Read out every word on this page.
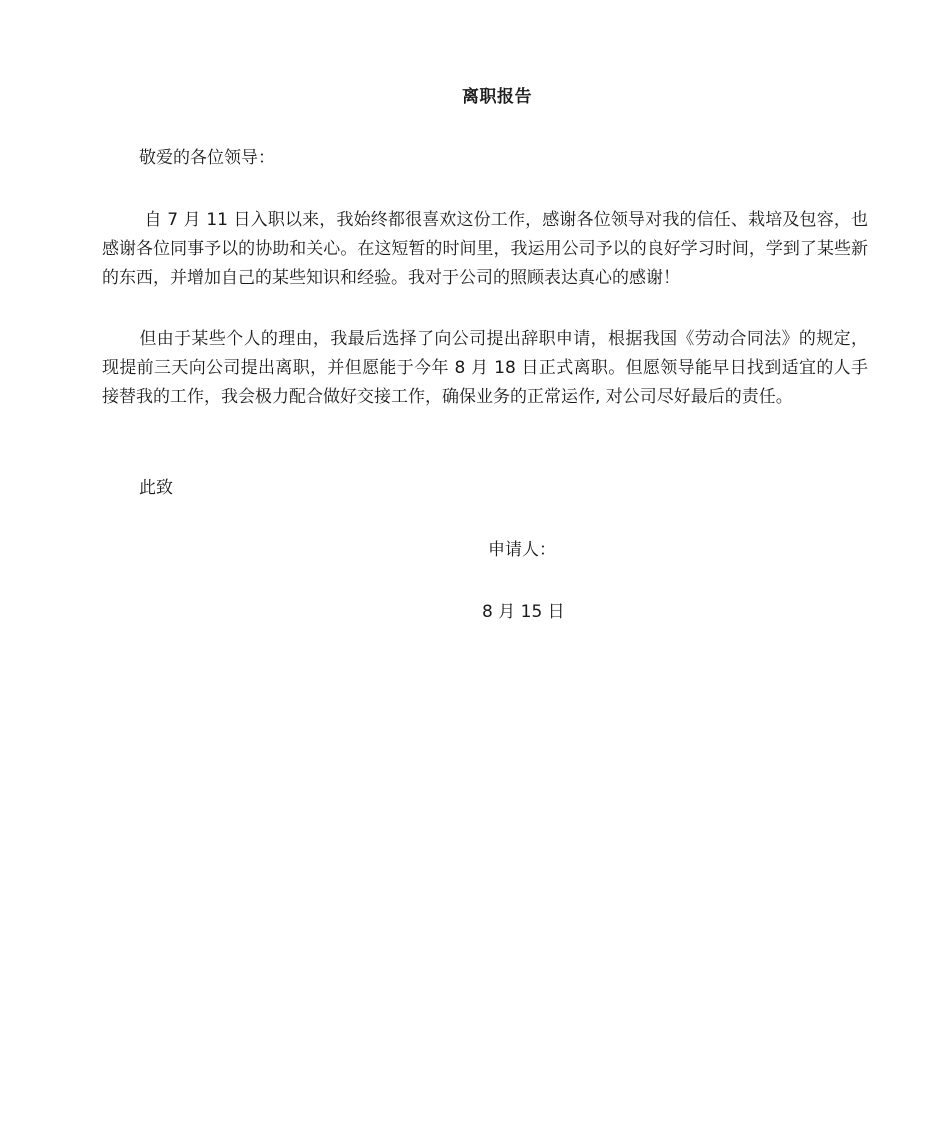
离职报告
敬爱的各位领导：
自 7 月 11 日入职以来，我始终都很喜欢这份工作，感谢各位领导对我的信任、栽培及包容，也感谢各位同事予以的协助和关心。在这短暂的时间里，我运用公司予以的良好学习时间，学到了某些新的东西，并增加自己的某些知识和经验。我对于公司的照顾表达真心的感谢！
但由于某些个人的理由，我最后选择了向公司提出辞职申请，根据我国《劳动合同法》的规定，现提前三天向公司提出离职，并但愿能于今年 8 月 18 日正式离职。但愿领导能早日找到适宜的人手接替我的工作，我会极力配合做好交接工作，确保业务的正常运作, 对公司尽好最后的责任。
此致
申请人：
8 月 15 日
